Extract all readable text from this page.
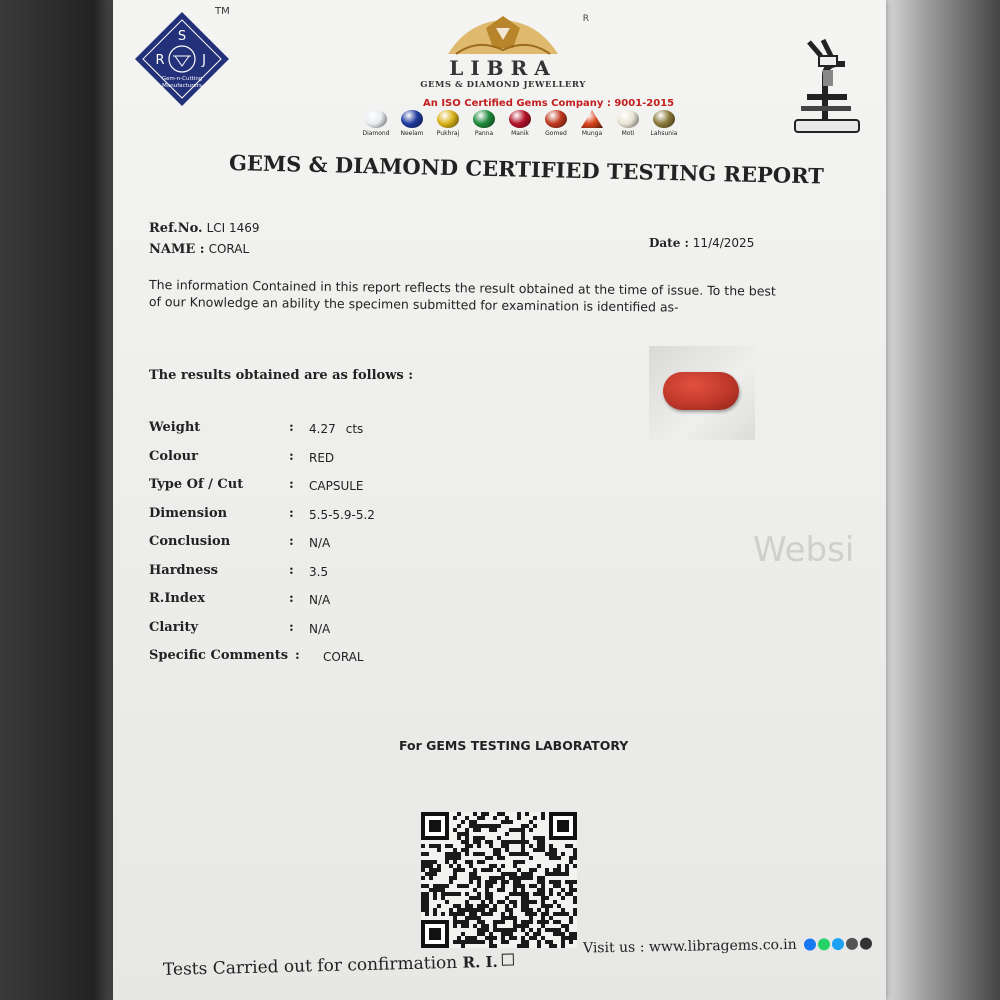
Websi
S
R	J
Gem-n-Cutting
Manufacturers
TM
R
LIBRA
GEMS & DIAMOND JEWELLERY
An ISO Certified Gems Company : 9001-2015
Diamond Neelam Pukhraj	Panna	Manik	Gomed	Munga	Moti	Lahsunia
GEMS & DIAMOND CERTIFIED TESTING REPORT
Ref.No. LCI 1469
NAME : CORAL	Date : 11/4/2025
The information Contained in this report reflects the result obtained at the time of issue. To the best of our Knowledge an ability the specimen submitted for examination is identified as-
The results obtained are as follows :
Weight	: 4.27 cts
Colour	: RED
Type Of / Cut	: CAPSULE
Dimension	: 5.5-5.9-5.2
Conclusion	: N/A
Hardness	: 3.5
R.Index	: N/A
Clarity	: N/A
Specific Comments : CORAL
For GEMS TESTING LABORATORY
Visit us : www.libragems.co.in
Tests Carried out for confirmation R. I.
